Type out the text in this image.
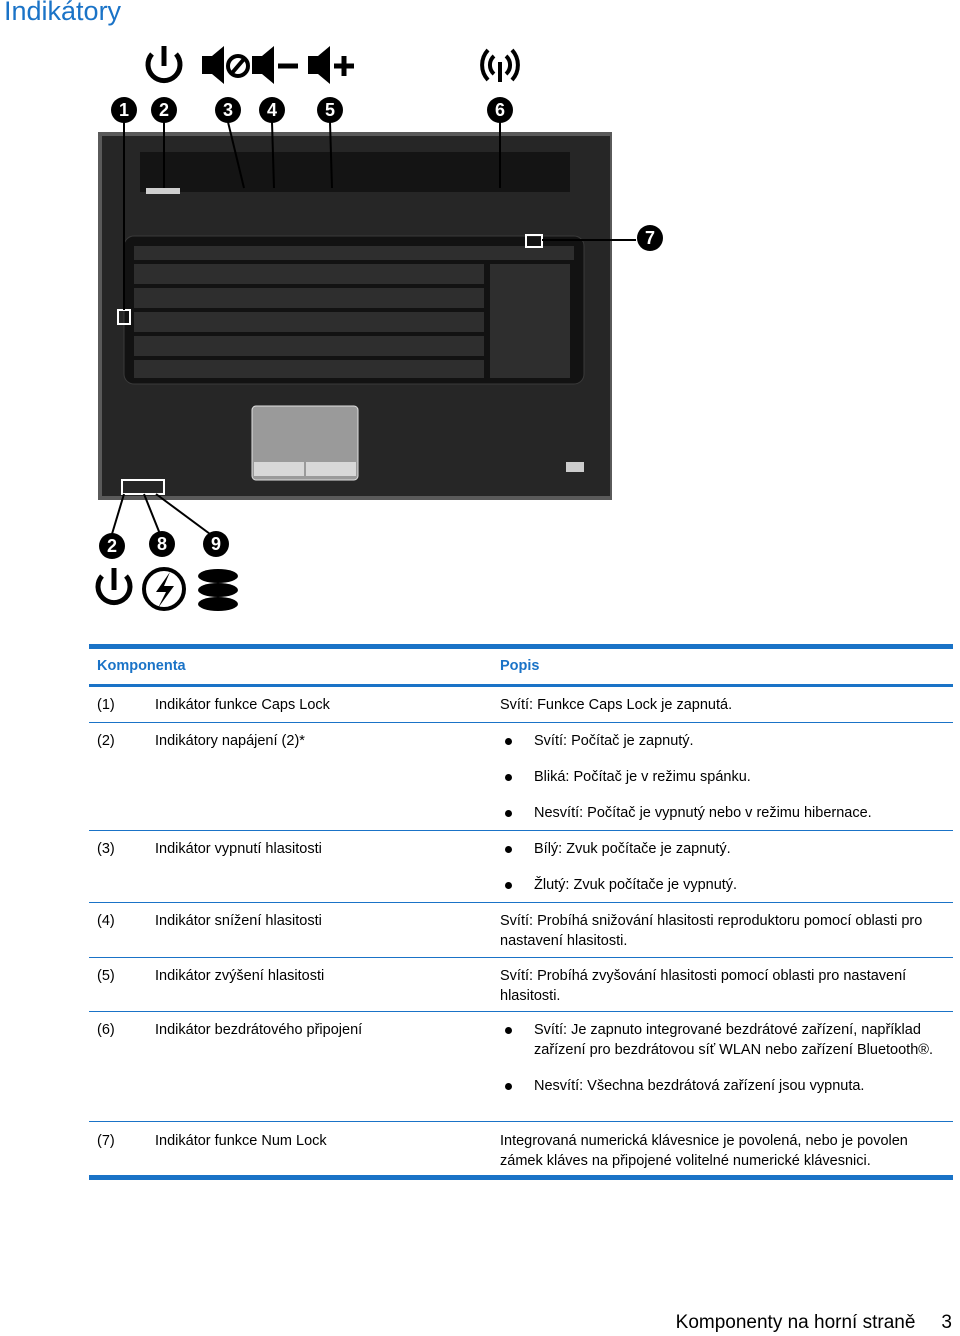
Indikátory
1 2	3 4	5	6
7
2 8 9
Komponenta	Popis
(1)	Indikátor funkce Caps Lock	Svítí: Funkce Caps Lock je zapnutá.
(2)	Indikátory napájení (2)*	Svítí: Počítač je zapnutý.
Bliká: Počítač je v režimu spánku.
Nesvítí: Počítač je vypnutý nebo v režimu hibernace.
(3)	Indikátor vypnutí hlasitosti	Bílý: Zvuk počítače je zapnutý.
Žlutý: Zvuk počítače je vypnutý.
(4)	Indikátor snížení hlasitosti	Svítí: Probíhá snižování hlasitosti reproduktoru pomocí oblasti pro nastavení hlasitosti.
(5)	Indikátor zvýšení hlasitosti	Svítí: Probíhá zvyšování hlasitosti pomocí oblasti pro nastavení hlasitosti.
(6)	Indikátor bezdrátového připojení	Svítí: Je zapnuto integrované bezdrátové zařízení, například zařízení pro bezdrátovou síť WLAN nebo zařízení Bluetooth®.
Nesvítí: Všechna bezdrátová zařízení jsou vypnuta.
(7)	Indikátor funkce Num Lock	Integrovaná numerická klávesnice je povolená, nebo je povolen zámek kláves na připojené volitelné numerické klávesnici.
Komponenty na horní straně 3
